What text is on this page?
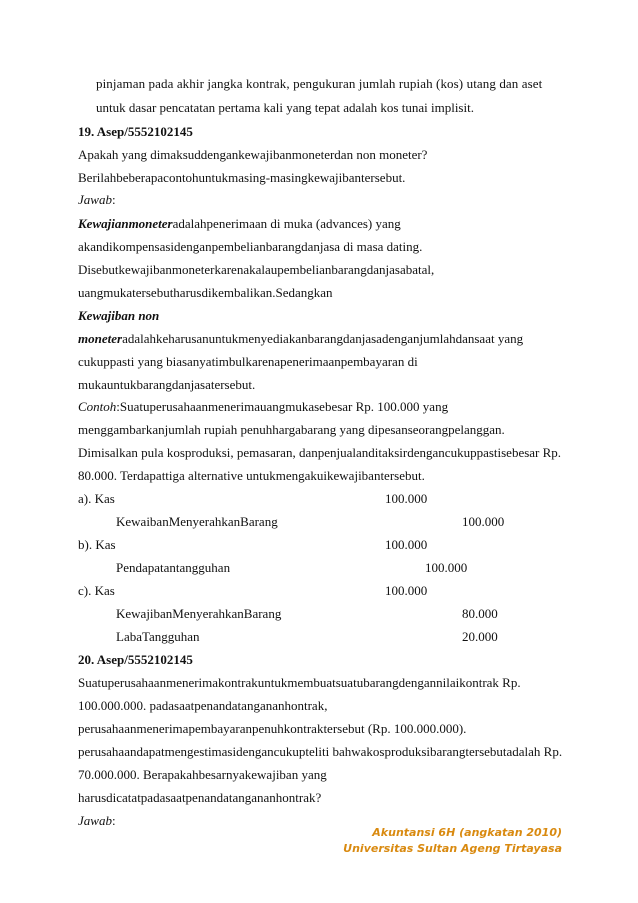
pinjaman pada akhir jangka kontrak, pengukuran jumlah rupiah (kos) utang dan aset
untuk dasar pencatatan pertama kali yang tepat adalah kos tunai implisit.
19. Asep/5552102145
Apakah yang dimaksuddengankewajibanmoneterdan non moneter?
Berilahbeberapacontohuntukmasing-masingkewajibantersebut.
Jawab:
Kewajianmoneteradalahpenerimaan di muka (advances) yang
akandikompensasidenganpembelianbarangdanjasa di masa dating.
Disebutkewajibanmoneterkarenakalaupembelianbarangdanjasabatal,
uangmukatersebutharusdikembalikan.Sedangkan
Kewajiban non
moneteradalahkeharusanuntukmenyediakanbarangdanjasadenganjumlahdansaat yang
cukuppasti yang biasanyatimbulkarenapenerimaanpembayaran di
mukauntukbarangdanjasatersebut.
Contoh:Suatuperusahaanmenerimauangmukasebesar Rp. 100.000 yang
menggambarkanjumlah rupiah penuhhargabarang yang dipesanseorangpelanggan.
Dimisalkan pula kosproduksi, pemasaran, danpenjualanditaksirdengancukuppastisebesar Rp.
80.000. Terdapattiga alternative untukmengakuikewajibantersebut.
a). Kas	100.000
KewaibanMenyerahkanBarang	100.000
b). Kas	100.000
Pendapatantangguhan	100.000
c). Kas	100.000
KewajibanMenyerahkanBarang	80.000
LabaTangguhan	20.000
20. Asep/5552102145
Suatuperusahaanmenerimakontrakuntukmembuatsuatubarangdengannilaikontrak Rp.
100.000.000. padasaatpenandatangananhontrak,
perusahaanmenerimapembayaranpenuhkontraktersebut (Rp. 100.000.000).
perusahaandapatmengestimasidengancukupteliti bahwakosproduksibarangtersebutadalah Rp.
70.000.000. Berapakahbesarnyakewajiban yang
harusdicatatpadasaatpenandatangananhontrak?
Jawab:
Akuntansi 6H (angkatan 2010)
Universitas Sultan Ageng Tirtayasa
